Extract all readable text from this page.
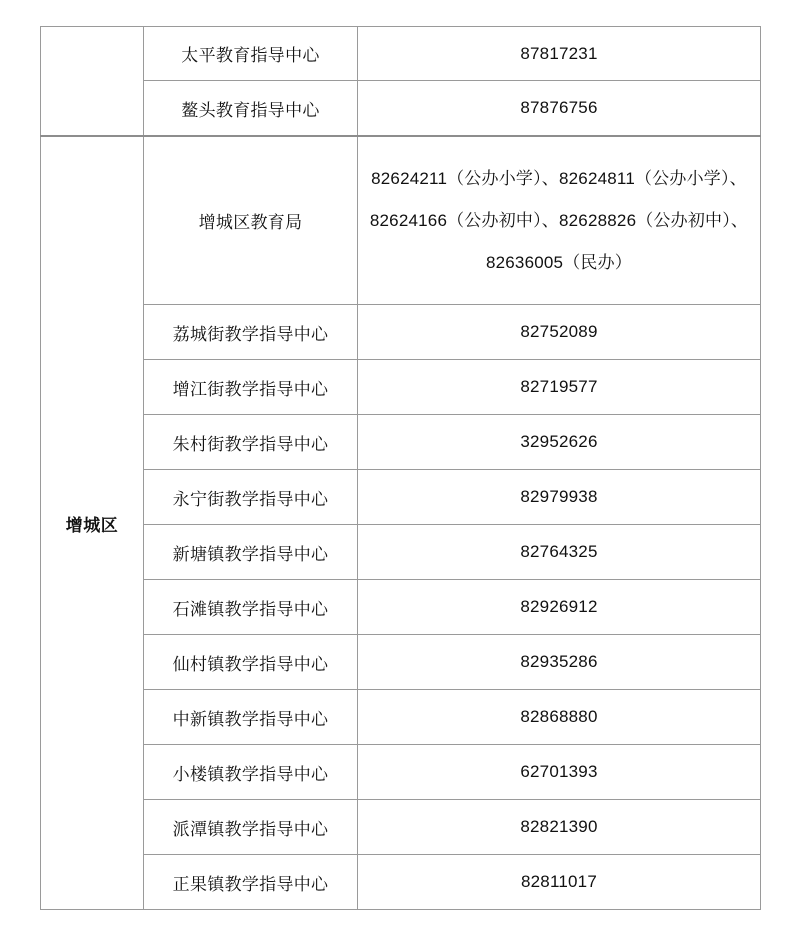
	太平教育指导中心	87817231
	鳌头教育指导中心	87876756
增城区	增城区教育局	82624211（公办小学）、82624811（公办小学）、82624166（公办初中）、82628826（公办初中）、82636005（民办）
	荔城街教学指导中心	82752089
	增江街教学指导中心	82719577
	朱村街教学指导中心	32952626
	永宁街教学指导中心	82979938
	新塘镇教学指导中心	82764325
	石滩镇教学指导中心	82926912
	仙村镇教学指导中心	82935286
	中新镇教学指导中心	82868880
	小楼镇教学指导中心	62701393
	派潭镇教学指导中心	82821390
	正果镇教学指导中心	82811017
